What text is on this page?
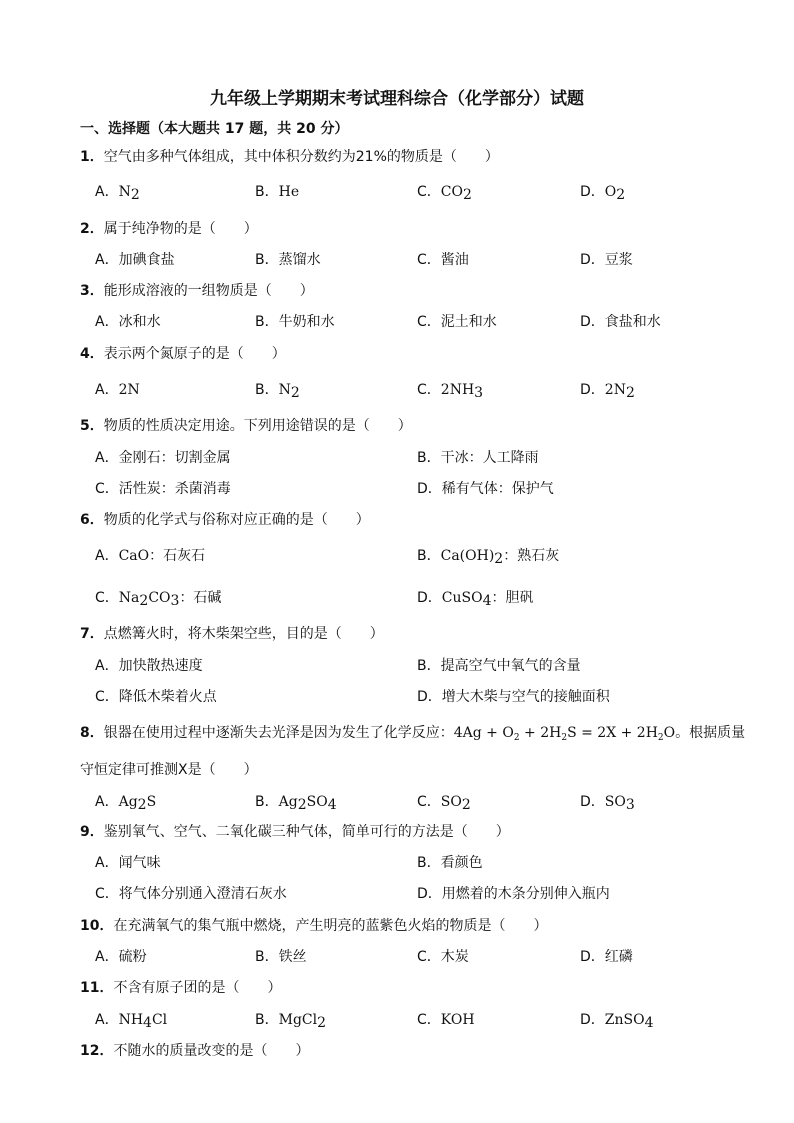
九年级上学期期末考试理科综合（化学部分）试题
一、选择题（本大题共 17 题，共 20 分）
1．空气由多种气体组成，其中体积分数约为21%的物质是（　　）
A．$N_2$	B．He	C．$CO_2$	D．$O_2$
2．属于纯净物的是（　　）
A．加碘食盐	B．蒸馏水	C．酱油	D．豆浆
3．能形成溶液的一组物质是（　　）
A．冰和水	B．牛奶和水	C．泥土和水	D．食盐和水
4．表示两个氮原子的是（　　）
A．2N	B．$N_2$	C．$2NH_3$	D．$2N_2$
5．物质的性质决定用途。下列用途错误的是（　　）
A．金刚石：切割金属	B．干冰：人工降雨
C．活性炭：杀菌消毒	D．稀有气体：保护气
6．物质的化学式与俗称对应正确的是（　　）
A．CaO：石灰石	B．$Ca(OH)_2$：熟石灰
C．$Na_2CO_3$：石碱	D．CuSO$_4$：胆矾
7．点燃篝火时，将木柴架空些，目的是（　　）
A．加快散热速度	B．提高空气中氧气的含量
C．降低木柴着火点	D．增大木柴与空气的接触面积
8．银器在使用过程中逐渐失去光泽是因为发生了化学反应：$4Ag + O_2 + 2H_2S = 2X + 2H_2O$。根据质量
守恒定律可推测X是（　　）
A．$Ag_2S$	B．$Ag_2SO_4$	C．$SO_2$	D．$SO_3$
9．鉴别氧气、空气、二氧化碳三种气体，简单可行的方法是（　　）
A．闻气味	B．看颜色
C．将气体分别通入澄清石灰水	D．用燃着的木条分别伸入瓶内
10．在充满氧气的集气瓶中燃烧，产生明亮的蓝紫色火焰的物质是（　　）
A．硫粉	B．铁丝	C．木炭	D．红磷
11．不含有原子团的是（　　）
A．$NH_4Cl$	B．MgCl$_2$	C．KOH	D．ZnSO$_4$
12．不随水的质量改变的是（　　）
